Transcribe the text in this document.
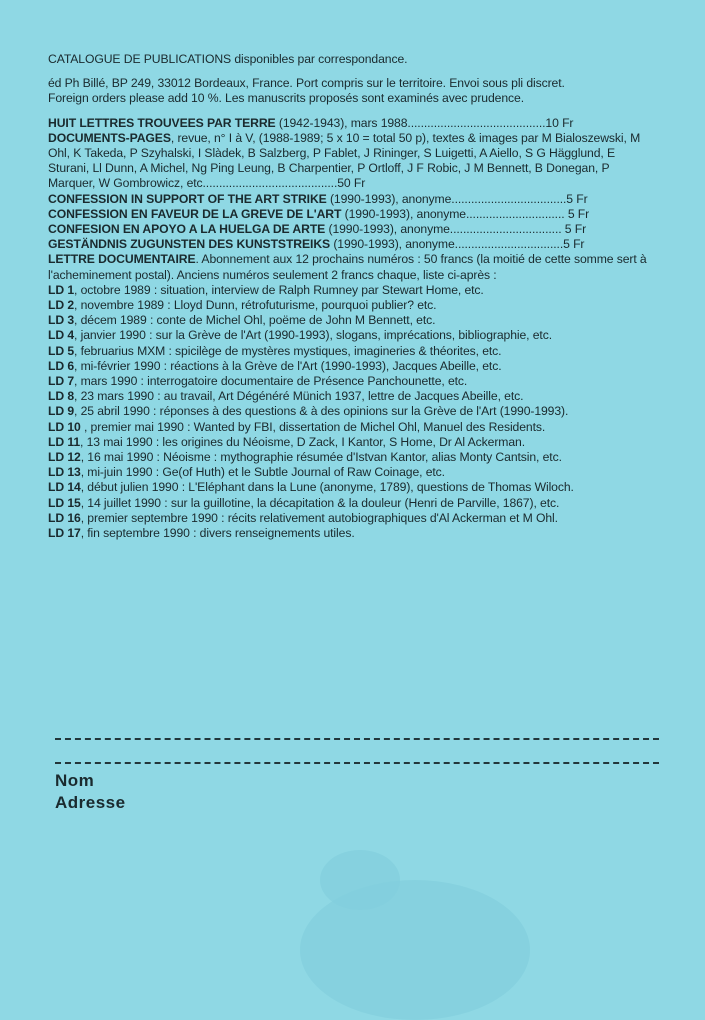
CATALOGUE DE PUBLICATIONS disponibles par correspondance.

éd Ph Billé, BP 249, 33012 Bordeaux, France. Port compris sur le territoire. Envoi sous pli discret.

Foreign orders please add 10 %. Les manuscrits proposés sont examinés avec prudence.

HUIT LETTRES TROUVEES PAR TERRE (1942-1943), mars 1988..........................................10 Fr

DOCUMENTS-PAGES, revue, n° I à V, (1988-1989; 5 x 10 = total 50 p), textes & images par M Bialoszewski, M Ohl, K Takeda, P Szyhalski, I Slàdek, B Salzberg, P Fablet, J Rininger, S Luigetti, A Aiello, S G Hägglund, E Sturani, Ll Dunn, A Michel, Ng Ping Leung, B Charpentier, P Ortloff, J F Robic, J M Bennett, B Donegan, P Marquer, W Gombrowicz, etc.........................................50 Fr

CONFESSION IN SUPPORT OF THE ART STRIKE (1990-1993), anonyme...................................5 Fr

CONFESSION EN FAVEUR DE LA GREVE DE L'ART (1990-1993), anonyme.............................. 5 Fr

CONFESION EN APOYO A LA HUELGA DE ARTE (1990-1993), anonyme.................................. 5 Fr

GESTÄNDNIS ZUGUNSTEN DES KUNSTSTREIKS (1990-1993), anonyme.................................5 Fr

LETTRE DOCUMENTAIRE. Abonnement aux 12 prochains numéros : 50 francs (la moitié de cette somme sert à l'acheminement postal). Anciens numéros seulement 2 francs chaque, liste ci-après :

LD 1, octobre 1989 : situation, interview de Ralph Rumney par Stewart Home, etc.

LD 2, novembre 1989 : Lloyd Dunn, rétrofuturisme, pourquoi publier? etc.

LD 3, décem 1989 : conte de Michel Ohl, poëme de John M Bennett, etc.

LD 4, janvier 1990 : sur la Grève de l'Art (1990-1993), slogans, imprécations, bibliographie, etc.

LD 5, februarius MXM : spicilège de mystères mystiques, imagineries & théorites, etc.

LD 6, mi-février 1990 : réactions à la Grève de l'Art (1990-1993), Jacques Abeille, etc.

LD 7, mars 1990 : interrogatoire documentaire de Présence Panchounette, etc.

LD 8, 23 mars 1990 : au travail, Art Dégénéré Münich 1937, lettre de Jacques Abeille, etc.

LD 9, 25 abril 1990 : réponses à des questions & à des opinions sur la Grève de l'Art (1990-1993).

LD 10 , premier mai 1990 : Wanted by FBI, dissertation de Michel Ohl, Manuel des Residents.

LD 11, 13 mai 1990 : les origines du Néoisme, D Zack, I Kantor, S Home, Dr Al Ackerman.

LD 12, 16 mai 1990 : Néoisme : mythographie résumée d'Istvan Kantor, alias Monty Cantsin, etc.

LD 13, mi-juin 1990 : Ge(of Huth) et le Subtle Journal of Raw Coinage, etc.

LD 14, début julien 1990 : L'Eléphant dans la Lune (anonyme, 1789), questions de Thomas Wiloch.

LD 15, 14 juillet 1990 : sur la guillotine, la décapitation & la douleur (Henri de Parville, 1867), etc.

LD 16, premier septembre 1990 : récits relativement autobiographiques d'Al Ackerman et M Ohl.

LD 17, fin septembre 1990 : divers renseignements utiles.

Nom

Adresse
